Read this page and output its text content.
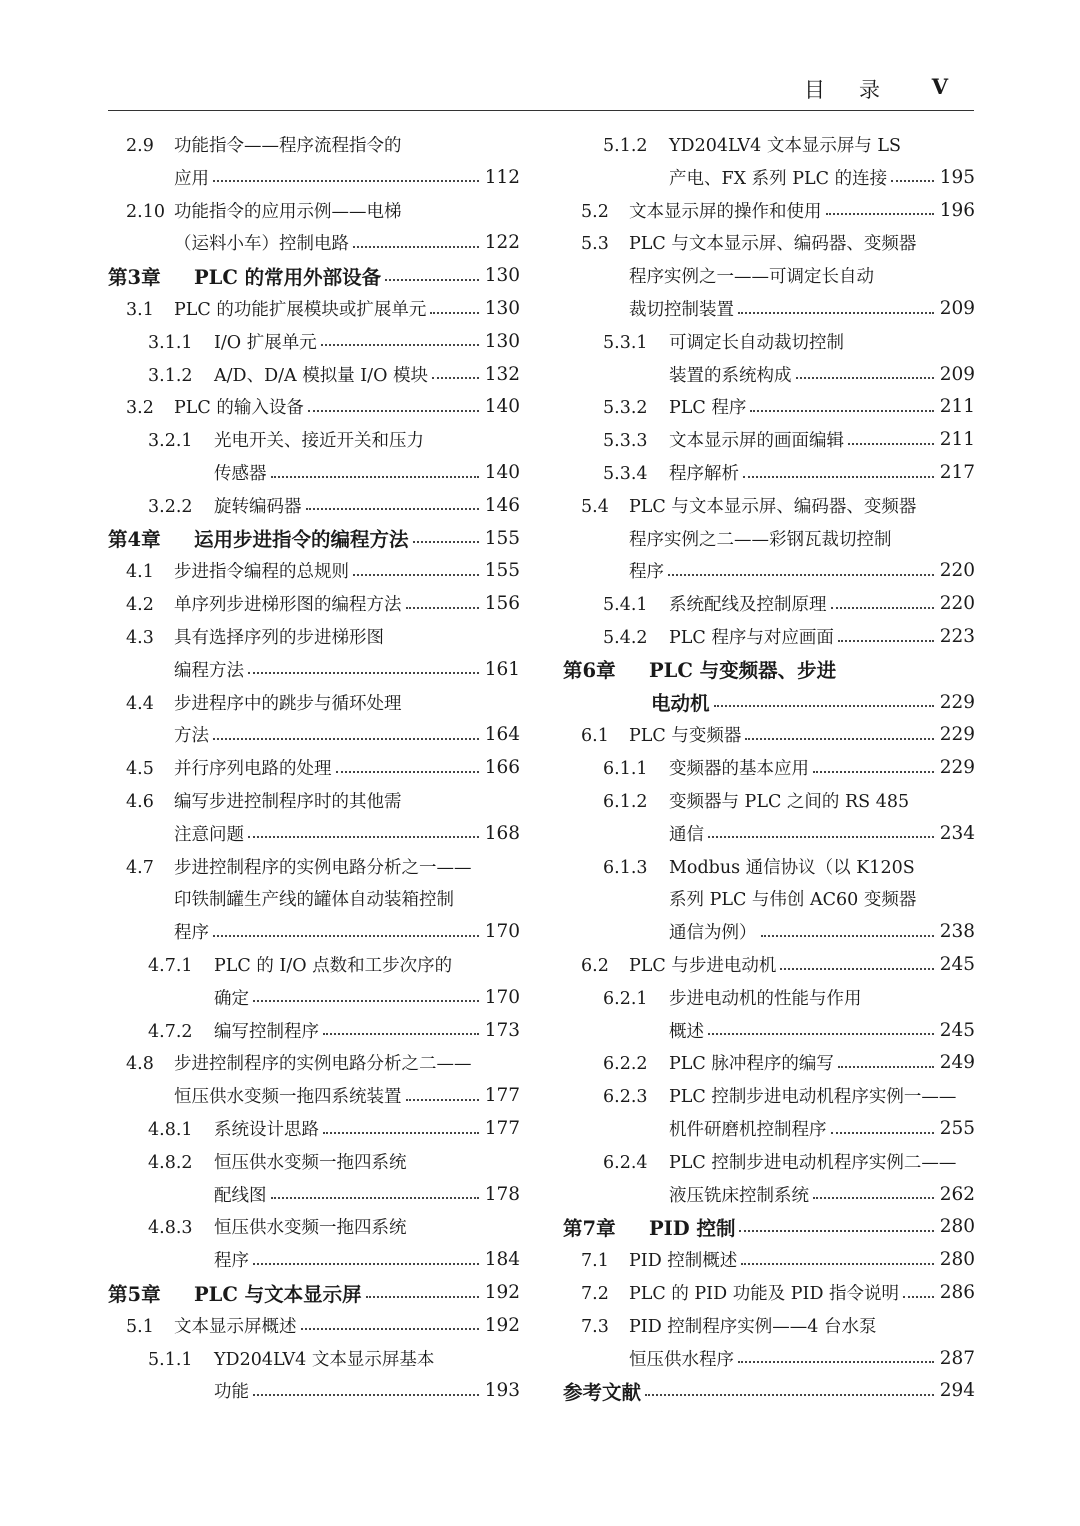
目录 V
2.9 功能指令——程序流程指令的
应用	112
2.10 功能指令的应用示例——电梯
（运料小车）控制电路	122
第3章 PLC 的常用外部设备	130
3.1 PLC 的功能扩展模块或扩展单元	130
3.1.1 I/O 扩展单元	130
3.1.2 A/D、D/A 模拟量 I/O 模块	132
3.2 PLC 的输入设备	140
3.2.1 光电开关、接近开关和压力
传感器	140
3.2.2 旋转编码器	146
第4章 运用步进指令的编程方法	155
4.1 步进指令编程的总规则	155
4.2 单序列步进梯形图的编程方法	156
4.3 具有选择序列的步进梯形图
编程方法	161
4.4 步进程序中的跳步与循环处理
方法	164
4.5 并行序列电路的处理	166
4.6 编写步进控制程序时的其他需
注意问题	168
4.7 步进控制程序的实例电路分析之一——
印铁制罐生产线的罐体自动装箱控制
程序	170
4.7.1 PLC 的 I/O 点数和工步次序的
确定	170
4.7.2 编写控制程序	173
4.8 步进控制程序的实例电路分析之二——
恒压供水变频一拖四系统装置	177
4.8.1 系统设计思路	177
4.8.2 恒压供水变频一拖四系统
配线图	178
4.8.3 恒压供水变频一拖四系统
程序	184
第5章 PLC 与文本显示屏	192
5.1 文本显示屏概述	192
5.1.1 YD204LV4 文本显示屏基本
功能	193
5.1.2 YD204LV4 文本显示屏与 LS
产电、FX 系列 PLC 的连接	195
5.2 文本显示屏的操作和使用	196
5.3 PLC 与文本显示屏、编码器、变频器
程序实例之一——可调定长自动
裁切控制装置	209
5.3.1 可调定长自动裁切控制
装置的系统构成	209
5.3.2 PLC 程序	211
5.3.3 文本显示屏的画面编辑	211
5.3.4 程序解析	217
5.4 PLC 与文本显示屏、编码器、变频器
程序实例之二——彩钢瓦裁切控制
程序	220
5.4.1 系统配线及控制原理	220
5.4.2 PLC 程序与对应画面	223
第6章 PLC 与变频器、步进
电动机	229
6.1 PLC 与变频器	229
6.1.1 变频器的基本应用	229
6.1.2 变频器与 PLC 之间的 RS 485
通信	234
6.1.3 Modbus 通信协议（以 K120S
系列 PLC 与伟创 AC60 变频器
通信为例）	238
6.2 PLC 与步进电动机	245
6.2.1 步进电动机的性能与作用
概述	245
6.2.2 PLC 脉冲程序的编写	249
6.2.3 PLC 控制步进电动机程序实例一——
机件研磨机控制程序	255
6.2.4 PLC 控制步进电动机程序实例二——
液压铣床控制系统	262
第7章 PID 控制	280
7.1 PID 控制概述	280
7.2 PLC 的 PID 功能及 PID 指令说明 286
7.3 PID 控制程序实例——4 台水泵
恒压供水程序	287
参考文献	294
